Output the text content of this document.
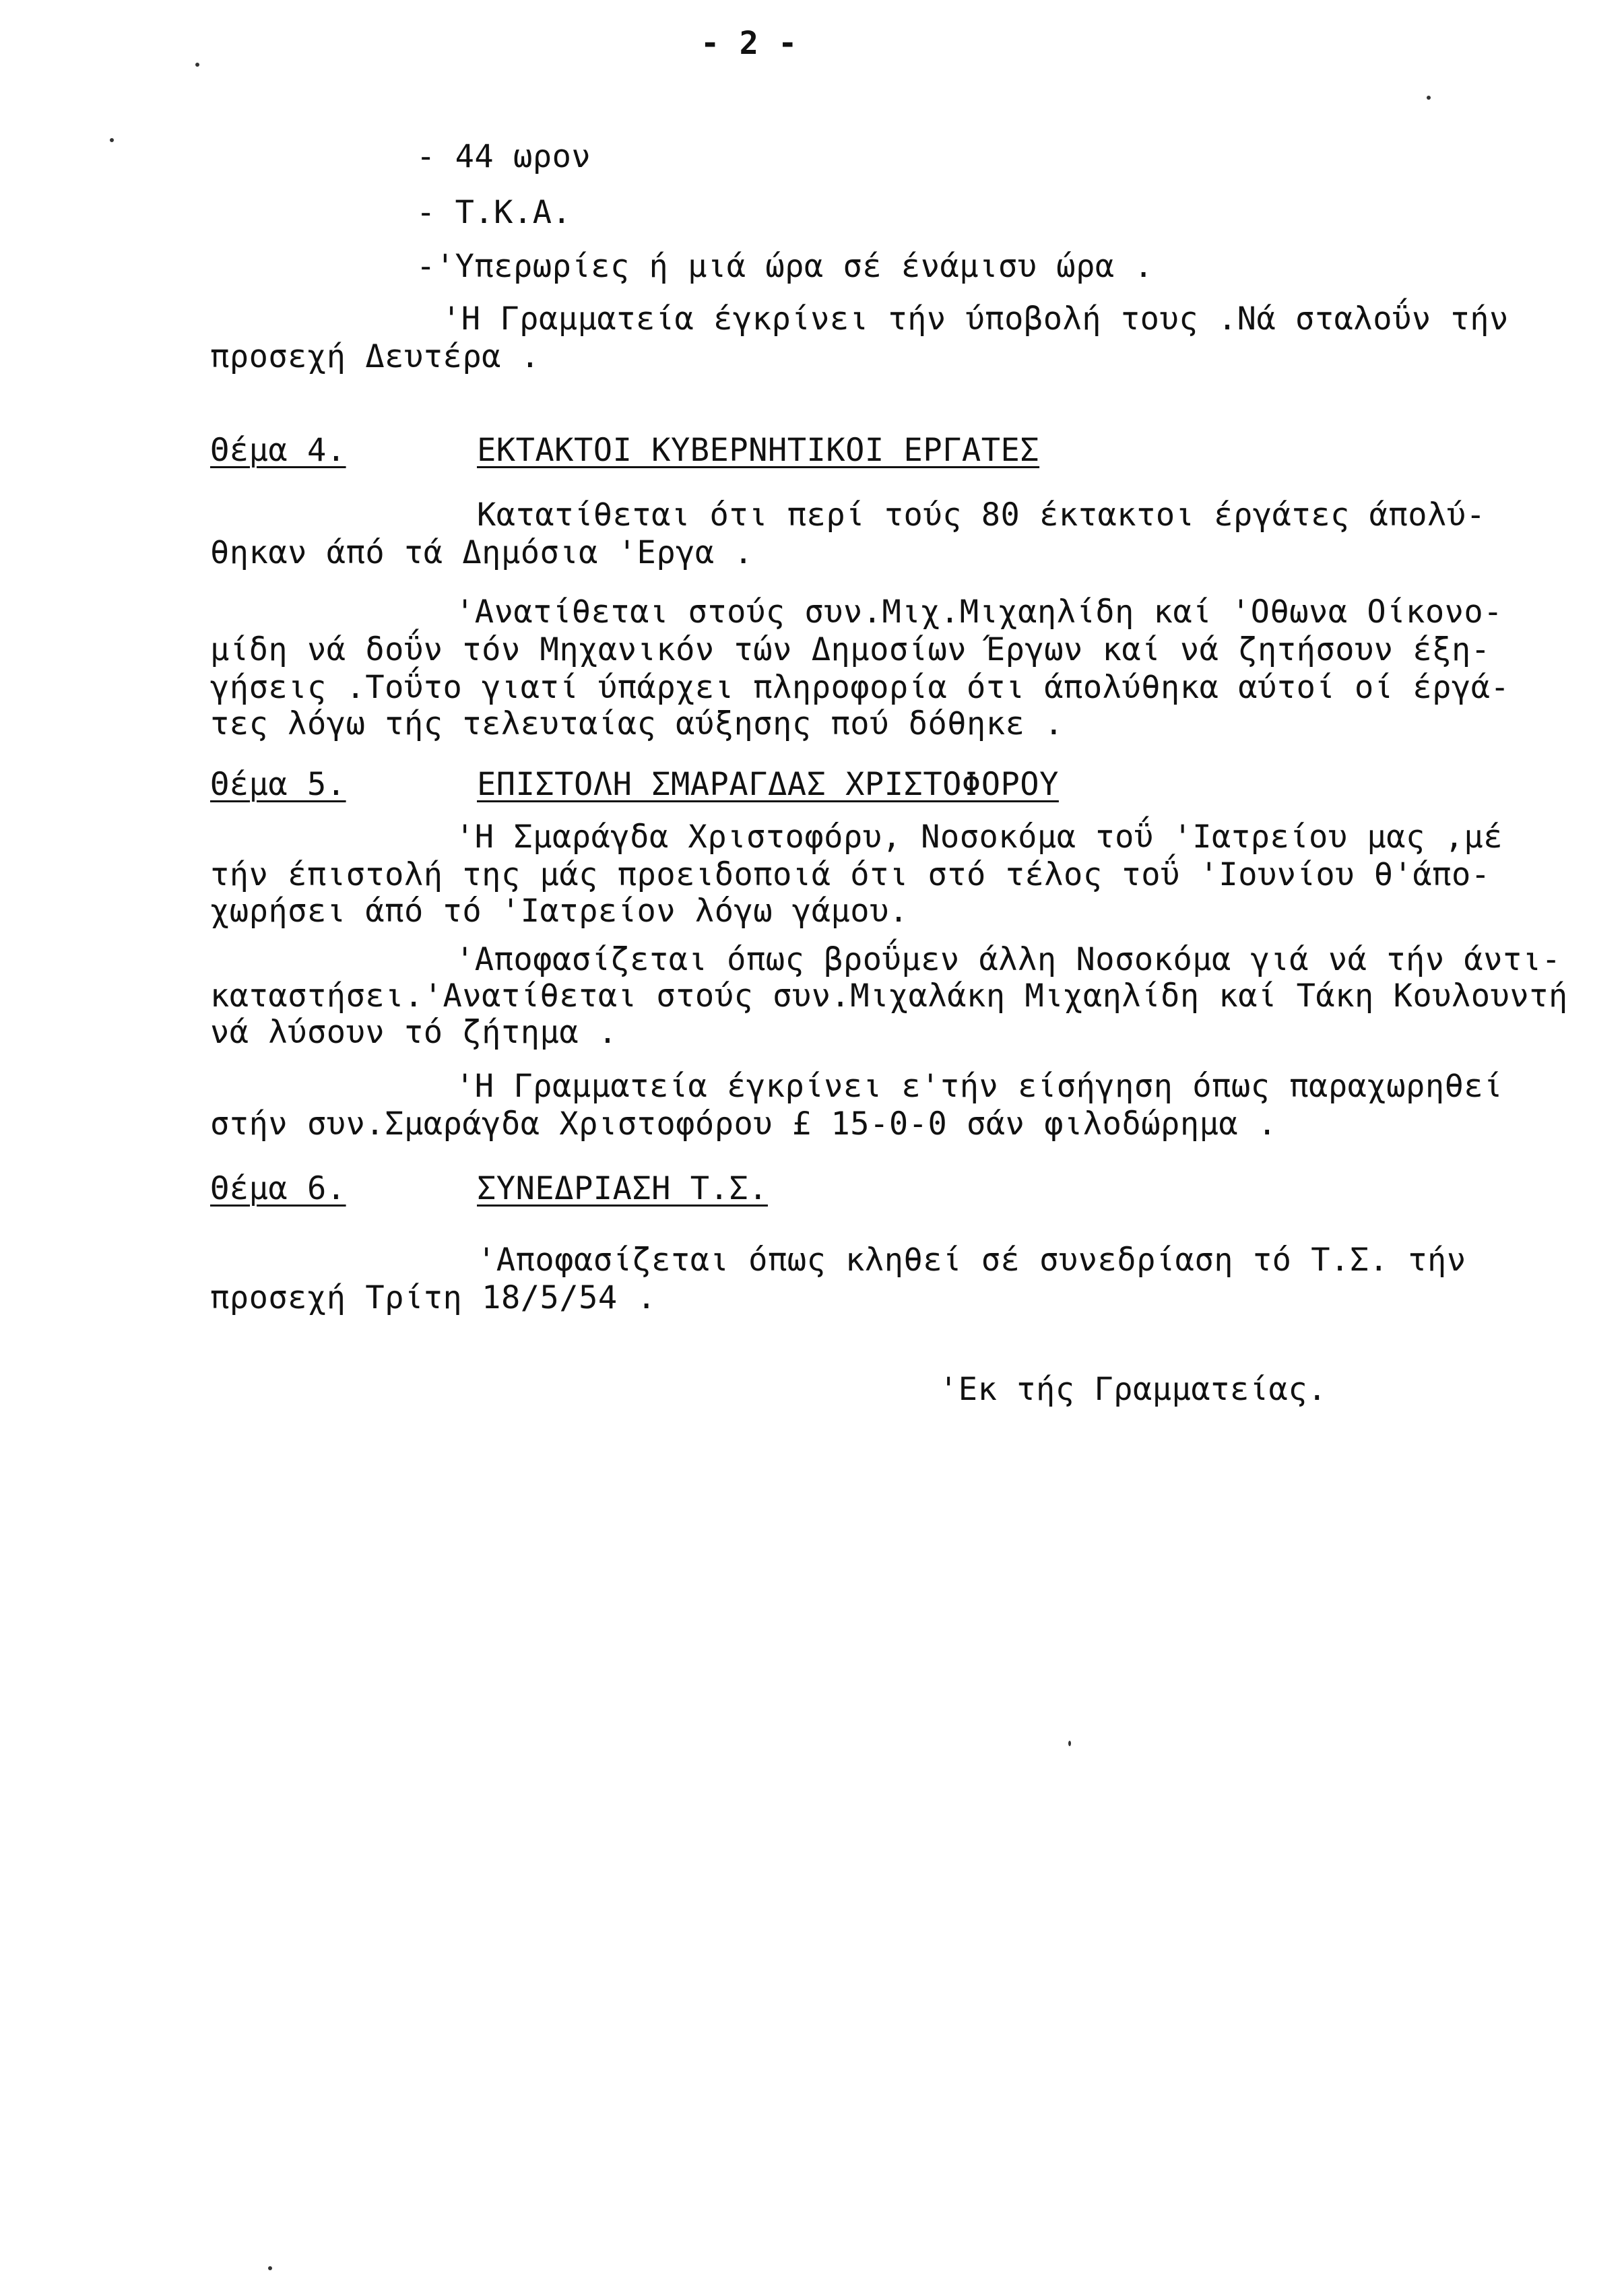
- 2 -
- 44 ωρον
- Τ.Κ.Α.
-'Υπερωρίες ή μιά ώρα σέ ένάμισυ ώρα .
'Η Γραμματεία έγκρίνει τήν ύποβολή τους .Νά σταλοΰν τήν
προσεχή Δευτέρα .
Θέμα 4.	ΕΚΤΑΚΤΟΙ ΚΥΒΕΡΝΗΤΙΚΟΙ ΕΡΓΑΤΕΣ
Κατατίθεται ότι περί τούς 80 έκτακτοι έργάτες άπολύ-
θηκαν άπό τά Δημόσια 'Εργα .
'Ανατίθεται στούς συν.Μιχ.Μιχαηλίδη καί 'Οθωνα Οίκονο-
μίδη νά δοΰν τόν Μηχανικόν τών Δημοσίων Έργων καί νά ζητήσουν έξη-
γήσεις .Τοΰτο γιατί ύπάρχει πληροφορία ότι άπολύθηκα αύτοί οί έργά-
τες λόγω τής τελευταίας αύξησης πού δόθηκε .
Θέμα 5.	ΕΠΙΣΤΟΛΗ ΣΜΑΡΑΓΔΑΣ ΧΡΙΣΤΟΦΟΡΟΥ
'Η Σμαράγδα Χριστοφόρυ, Νοσοκόμα τοΰ 'Ιατρείου μας ,μέ
τήν έπιστολή της μάς προειδοποιά ότι στό τέλος τοΰ 'Ιουνίου θ'άπο-
χωρήσει άπό τό 'Ιατρείον λόγω γάμου.
'Αποφασίζεται όπως βροΰμεν άλλη Νοσοκόμα γιά νά τήν άντι-
καταστήσει.'Ανατίθεται στούς συν.Μιχαλάκη Μιχαηλίδη καί Τάκη Κουλουντή
νά λύσουν τό ζήτημα .
'Η Γραμματεία έγκρίνει ε'τήν είσήγηση όπως παραχωρηθεί
στήν συν.Σμαράγδα Χριστοφόρου £ 15-0-0 σάν φιλοδώρημα .
Θέμα 6.	ΣΥΝΕΔΡΙΑΣΗ Τ.Σ.
'Αποφασίζεται όπως κληθεί σέ συνεδρίαση τό Τ.Σ. τήν
προσεχή Τρίτη 18/5/54 .
'Εκ τής Γραμματείας.
